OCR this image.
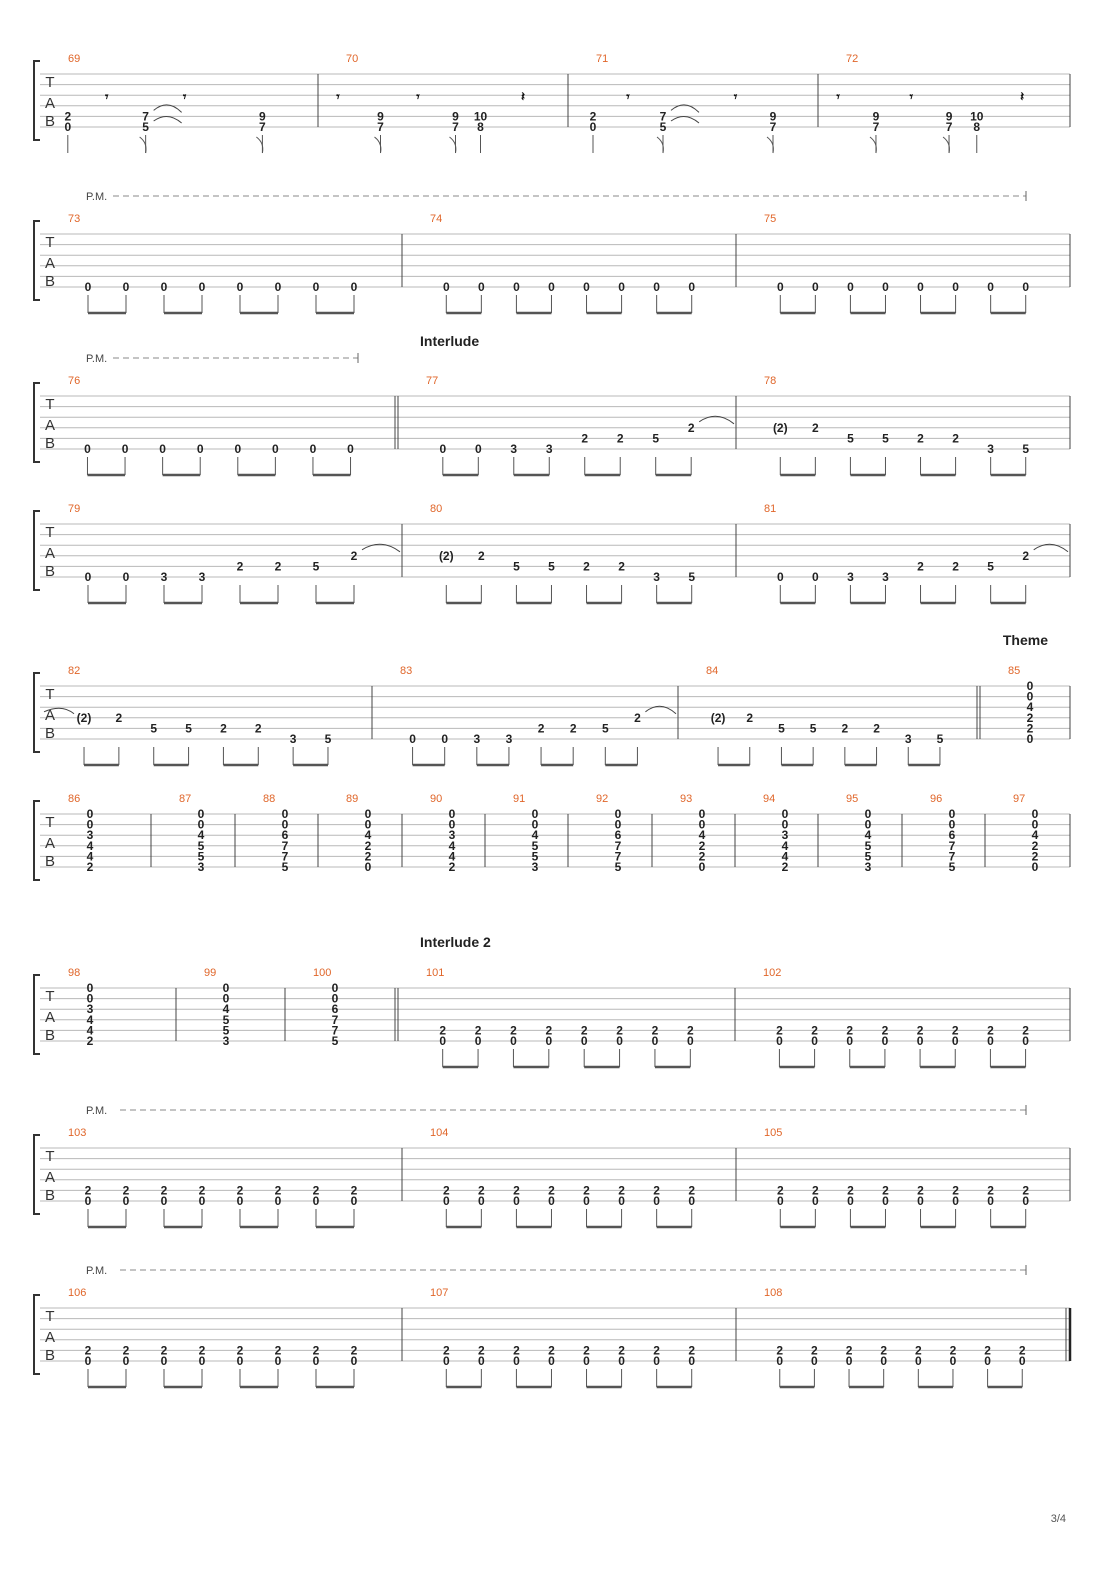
T
A
B
69
2
0
𝄾
7
5
𝄾
9
7
70
𝄾
9
7
𝄾
9
7
10
8
𝄽
71
2
0
𝄾
7
5
𝄾
9
7
72
𝄾
9
7
𝄾
9
7
10
8
𝄽
T
A
B
P.M.
73
0	0	0	0	0	0	0	0
74
0 0 0 0 0 0 0 0
75
0 0 0 0 0 0 0 0
T
A
B
P.M.
76
0	0	0	0	0	0	0	0
77
Interlude
0 0 3 3
2 2 5
2
78
(2) 2
5 5 2 2
3 5
T
A
B
79
0	0	3	3
2	2	5
2
80
(2) 2
5 5 2 2
3 5
81
0 0 3 3
2 2 5
2
T
A
B
82
(2) 2
5 5 2 2
3 5
83
0 0 3 3
2 2 5
2
84
(2) 2
5 5 2 2
3 5
85
Theme
0
0
4
2
2
0
T
A
B
86
0
0
3
4
4
2
87
0
0
4
5
5
3
88
0
0
6
7
7
5
89
0
0
4
2
2
0
90
0
0
3
4
4
2
91
0
0
4
5
5
3
92
0
0
6
7
7
5
93
0
0
4
2
2
0
94
0
0
3
4
4
2
95
0
0
4
5
5
3
96
0
0
6
7
7
5
97
0
0
4
2
2
0
T
A
B
98
0
0
3
4
4
2
99
0
0
4
5
5
3
100
0
0
6
7
7
5
101
Interlude 2
2
0
2
0
2
0
2
0
2
0
2
0
2
0
2
0
102
2
0
2
0
2
0
2
0
2
0
2
0
2
0
2
0
T
A
B
P.M.
103
2
0
2
0
2
0
2
0
2
0
2
0
2
0
2
0
104
2
0
2
0
2
0
2
0
2
0
2
0
2
0
2
0
105
2
0
2
0
2
0
2
0
2
0
2
0
2
0
2
0
T
A
B
P.M.
106
2
0
2
0
2
0
2
0
2
0
2
0
2
0
2
0
107
2
0
2
0
2
0
2
0
2
0
2
0
2
0
2
0
108
2
0
2
0
2
0
2
0
2
0
2
0
2
0
2
0
3/4
